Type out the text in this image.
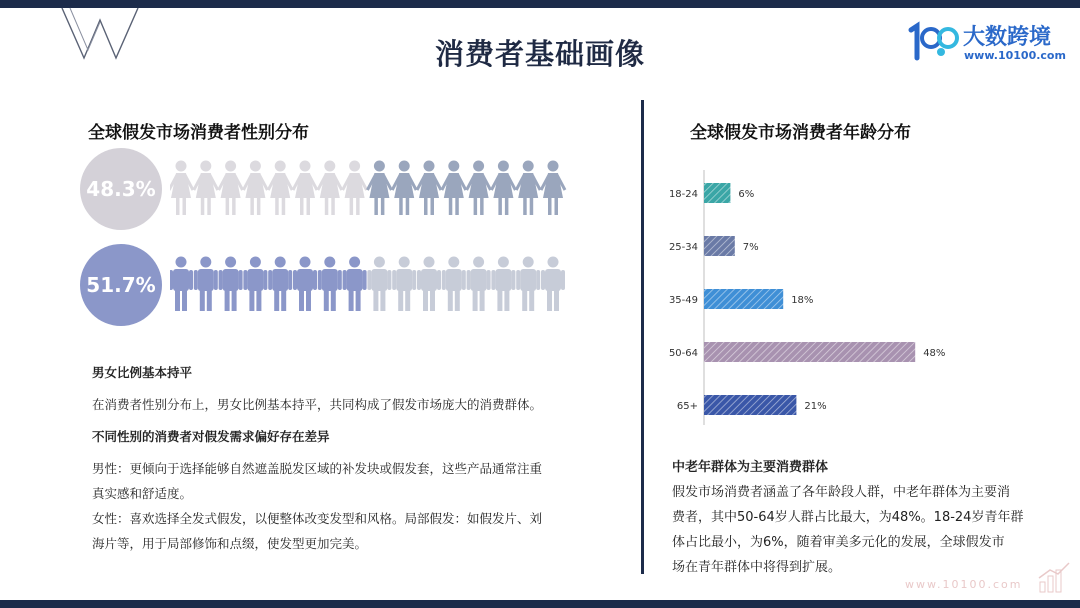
消费者基础画像	大数跨境
www.10100.com
全球假发市场消费者性别分布
48.3%
51.7%
男女比例基本持平
在消费者性别分布上，男女比例基本持平，共同构成了假发市场庞大的消费群体。
不同性别的消费者对假发需求偏好存在差异
男性：更倾向于选择能够自然遮盖脱发区域的补发块或假发套，这些产品通常注重
真实感和舒适度。
女性：喜欢选择全发式假发，以便整体改变发型和风格。局部假发：如假发片、刘
海片等，用于局部修饰和点缀，使发型更加完美。
全球假发市场消费者年龄分布
18-24	6%
25-34	7%
35-49	18%
50-64	48%
65+	21%
中老年群体为主要消费群体
假发市场消费者涵盖了各年龄段人群，中老年群体为主要消
费者，其中50-64岁人群占比最大，为48%。18-24岁青年群
体占比最小，为6%，随着审美多元化的发展，全球假发市
场在青年群体中将得到扩展。
www.10100.com
